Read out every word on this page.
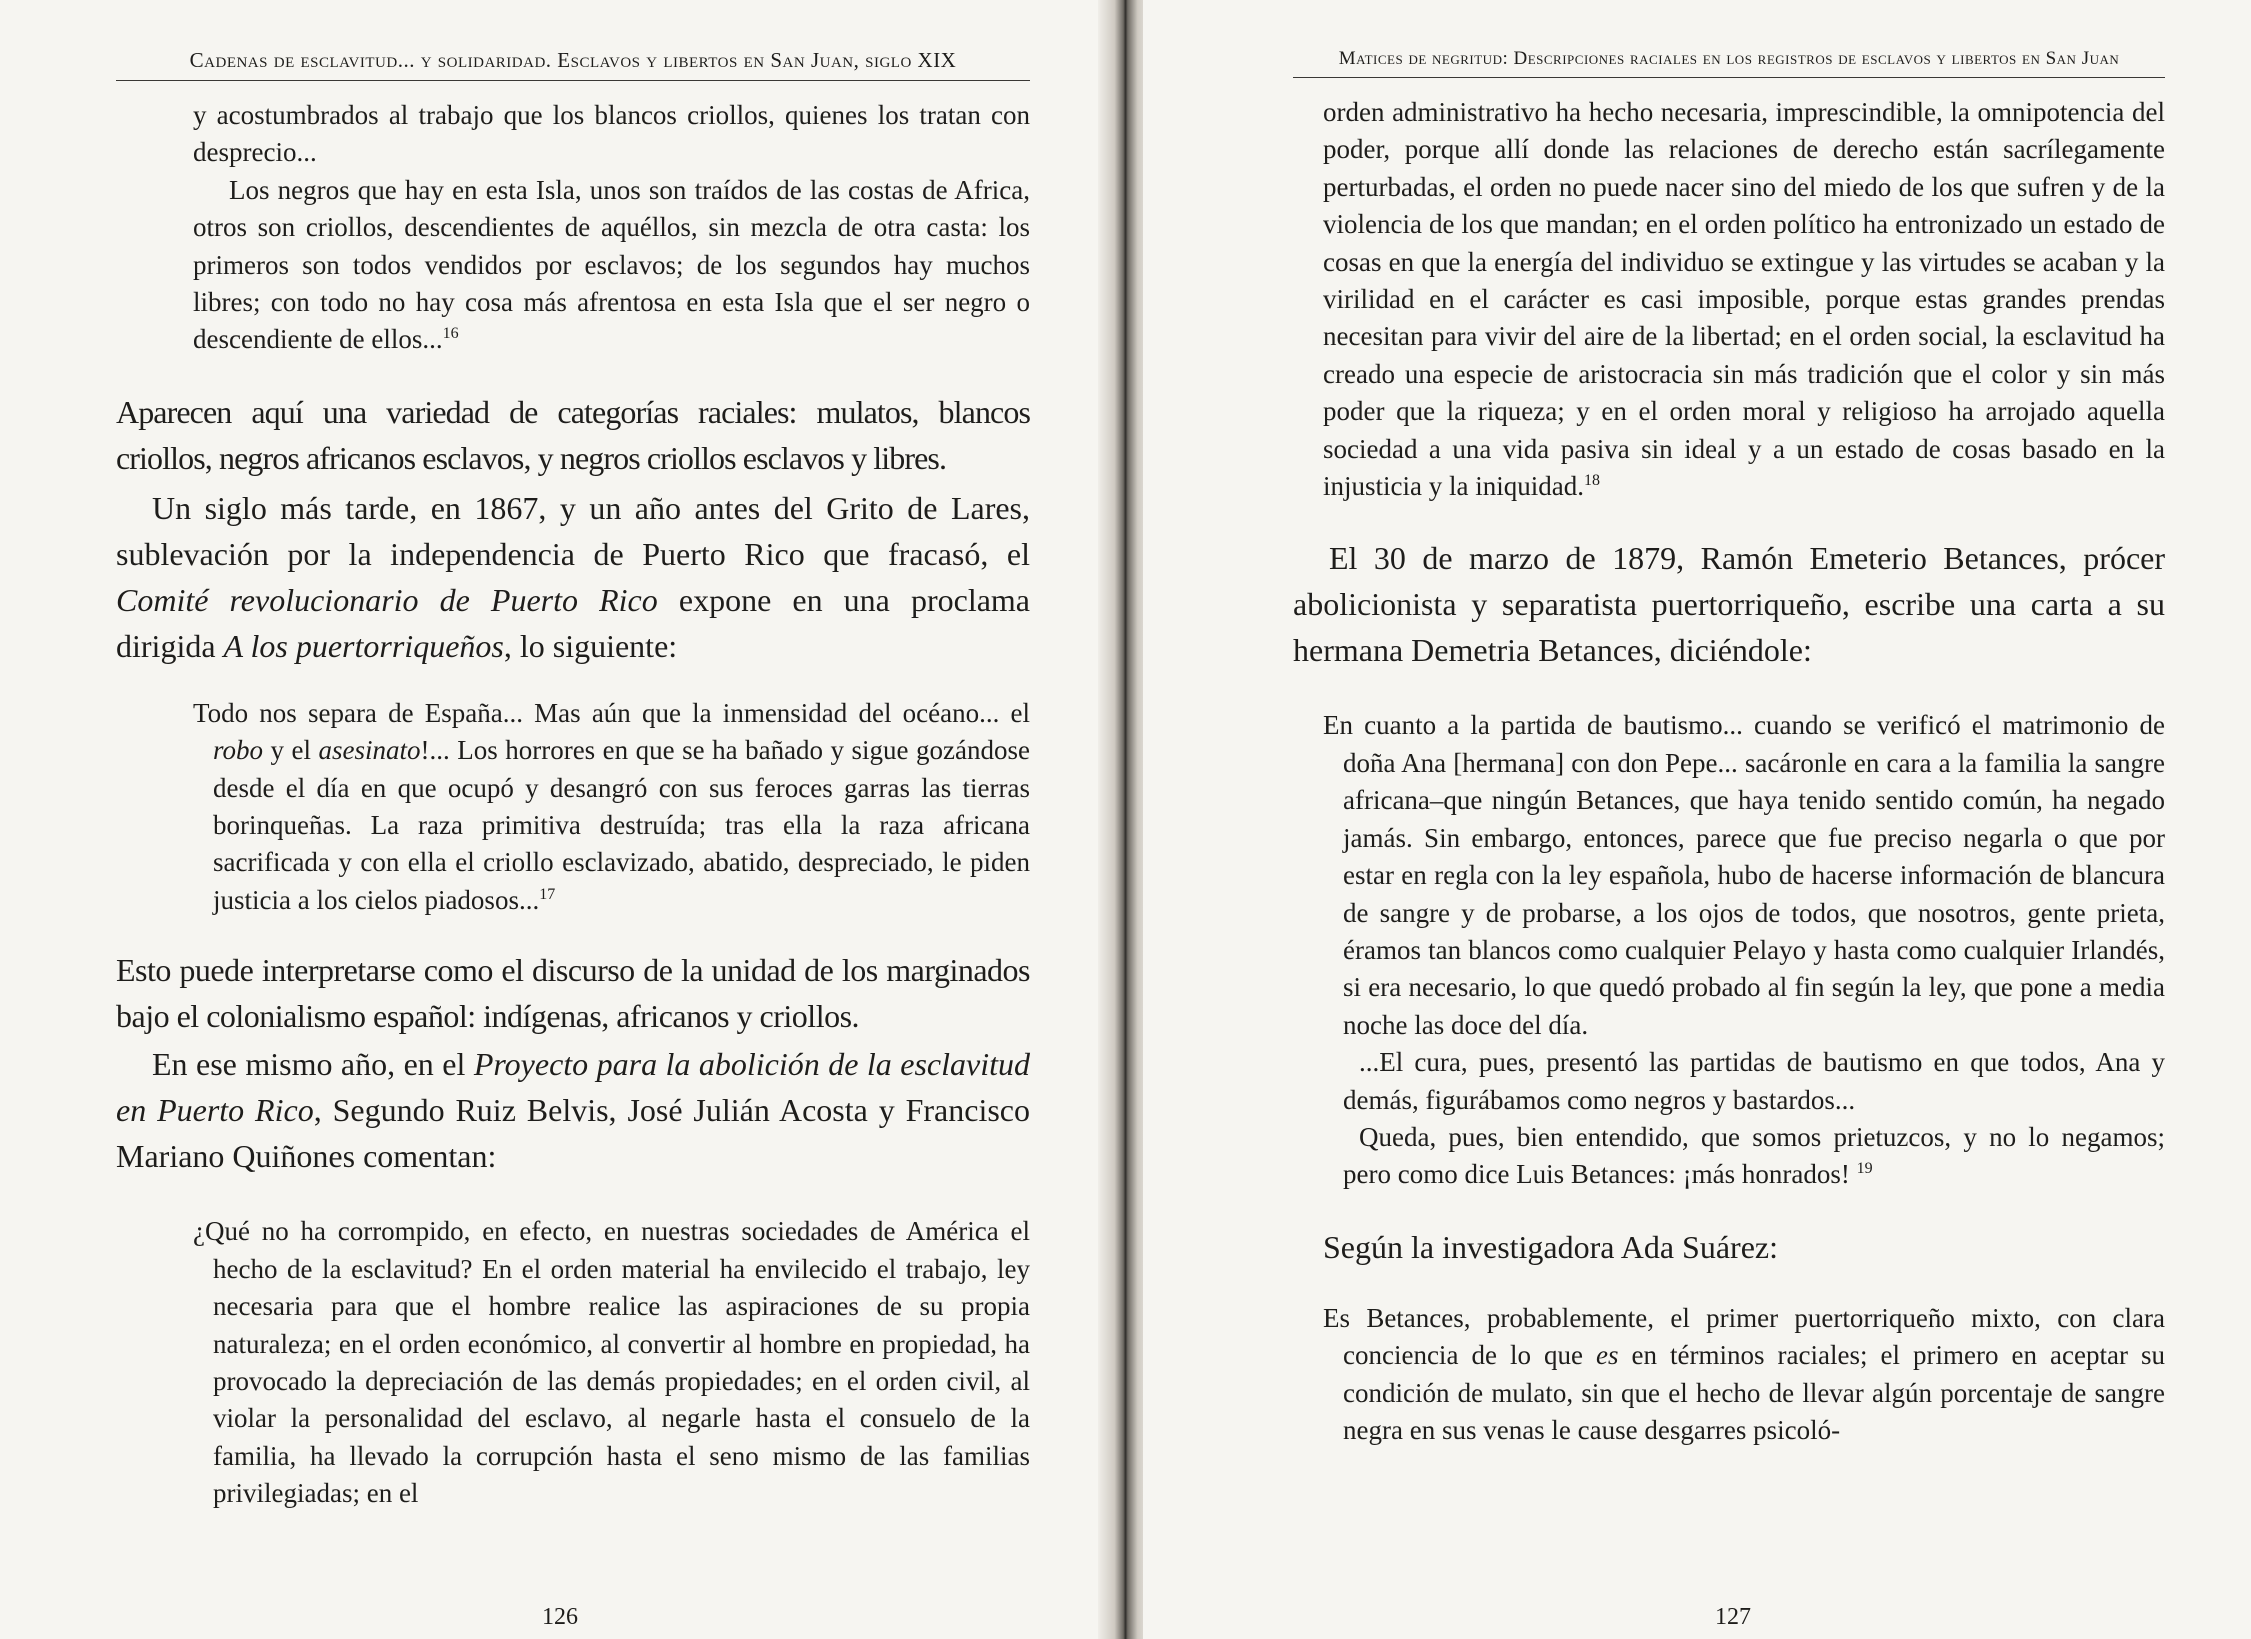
Cadenas de esclavitud... y solidaridad. Esclavos y libertos en San Juan, siglo XIX

y acostumbrados al trabajo que los blancos criollos, quienes los tratan con desprecio...

Los negros que hay en esta Isla, unos son traídos de las costas de Africa, otros son criollos, descendientes de aquéllos, sin mezcla de otra casta: los primeros son todos vendidos por esclavos; de los segundos hay muchos libres; con todo no hay cosa más afrentosa en esta Isla que el ser negro o descendiente de ellos...$^{16}$

Aparecen aquí una variedad de categorías raciales: mulatos, blancos criollos, negros africanos esclavos, y negros criollos esclavos y libres.

Un siglo más tarde, en 1867, y un año antes del Grito de Lares, sublevación por la independencia de Puerto Rico que fracasó, el Comité revolucionario de Puerto Rico expone en una proclama dirigida A los puertorriqueños, lo siguiente:

Todo nos separa de España... Mas aún que la inmensidad del océano... el robo y el asesinato!... Los horrores en que se ha bañado y sigue gozándose desde el día en que ocupó y desangró con sus feroces garras las tierras borinqueñas. La raza primitiva destruída; tras ella la raza africana sacrificada y con ella el criollo esclavizado, abatido, despreciado, le piden justicia a los cielos piadosos...$^{17}$

Esto puede interpretarse como el discurso de la unidad de los marginados bajo el colonialismo español: indígenas, africanos y criollos.

En ese mismo año, en el Proyecto para la abolición de la esclavitud en Puerto Rico, Segundo Ruiz Belvis, José Julián Acosta y Francisco Mariano Quiñones comentan:

¿Qué no ha corrompido, en efecto, en nuestras sociedades de América el hecho de la esclavitud? En el orden material ha envilecido el trabajo, ley necesaria para que el hombre realice las aspiraciones de su propia naturaleza; en el orden económico, al convertir al hombre en propiedad, ha provocado la depreciación de las demás propiedades; en el orden civil, al violar la personalidad del esclavo, al negarle hasta el consuelo de la familia, ha llevado la corrupción hasta el seno mismo de las familias privilegiadas; en el

126
Matices de negritud: Descripciones raciales en los registros de esclavos y libertos en San Juan

orden administrativo ha hecho necesaria, imprescindible, la omnipotencia del poder, porque allí donde las relaciones de derecho están sacrílegamente perturbadas, el orden no puede nacer sino del miedo de los que sufren y de la violencia de los que mandan; en el orden político ha entronizado un estado de cosas en que la energía del individuo se extingue y las virtudes se acaban y la virilidad en el carácter es casi imposible, porque estas grandes prendas necesitan para vivir del aire de la libertad; en el orden social, la esclavitud ha creado una especie de aristocracia sin más tradición que el color y sin más poder que la riqueza; y en el orden moral y religioso ha arrojado aquella sociedad a una vida pasiva sin ideal y a un estado de cosas basado en la injusticia y la iniquidad.$^{18}$

El 30 de marzo de 1879, Ramón Emeterio Betances, prócer abolicionista y separatista puertorriqueño, escribe una carta a su hermana Demetria Betances, diciéndole:

En cuanto a la partida de bautismo... cuando se verificó el matrimonio de doña Ana [hermana] con don Pepe... sacáronle en cara a la familia la sangre africana–que ningún Betances, que haya tenido sentido común, ha negado jamás. Sin embargo, entonces, parece que fue preciso negarla o que por estar en regla con la ley española, hubo de hacerse información de blancura de sangre y de probarse, a los ojos de todos, que nosotros, gente prieta, éramos tan blancos como cualquier Pelayo y hasta como cualquier Irlandés, si era necesario, lo que quedó probado al fin según la ley, que pone a media noche las doce del día.

...El cura, pues, presentó las partidas de bautismo en que todos, Ana y demás, figurábamos como negros y bastardos...

Queda, pues, bien entendido, que somos prietuzcos, y no lo negamos; pero como dice Luis Betances: ¡más honrados! $^{19}$

Según la investigadora Ada Suárez:

Es Betances, probablemente, el primer puertorriqueño mixto, con clara conciencia de lo que es en términos raciales; el primero en aceptar su condición de mulato, sin que el hecho de llevar algún porcentaje de sangre negra en sus venas le cause desgarres psicoló-

127
